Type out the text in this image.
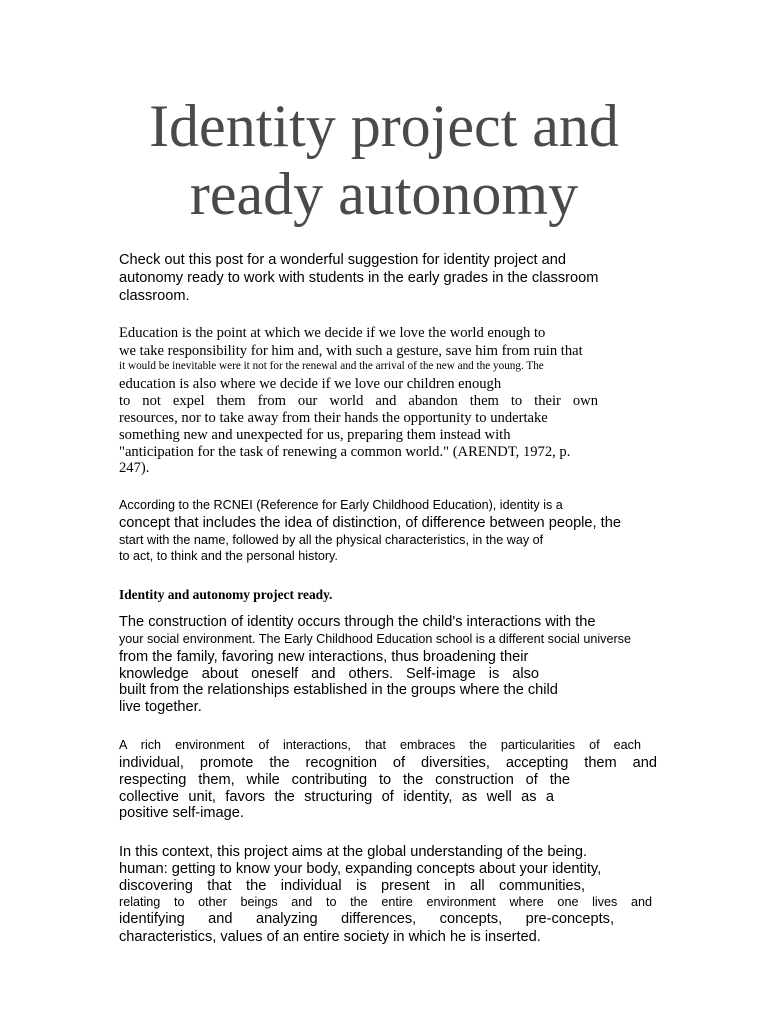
Identity project and
ready autonomy
Check out this post for a wonderful suggestion for identity project and
autonomy ready to work with students in the early grades in the classroom
classroom.
Education is the point at which we decide if we love the world enough to
we take responsibility for him and, with such a gesture, save him from ruin that
it would be inevitable were it not for the renewal and the arrival of the new and the young. The
education is also where we decide if we love our children enough
to not expel them from our world and abandon them to their own
resources, nor to take away from their hands the opportunity to undertake
something new and unexpected for us, preparing them instead with
"anticipation for the task of renewing a common world." (ARENDT, 1972, p.
247).
According to the RCNEI (Reference for Early Childhood Education), identity is a
concept that includes the idea of distinction, of difference between people, the
start with the name, followed by all the physical characteristics, in the way of
to act, to think and the personal history.
Identity and autonomy project ready.
The construction of identity occurs through the child's interactions with the
your social environment. The Early Childhood Education school is a different social universe
from the family, favoring new interactions, thus broadening their
knowledge about oneself and others. Self-image is also
built from the relationships established in the groups where the child
live together.
A rich environment of interactions, that embraces the particularities of each
individual, promote the recognition of diversities, accepting them and
respecting them, while contributing to the construction of the
collective unit, favors the structuring of identity, as well as a
positive self-image.
In this context, this project aims at the global understanding of the being.
human: getting to know your body, expanding concepts about your identity,
discovering that the individual is present in all communities,
relating to other beings and to the entire environment where one lives and
identifying and analyzing differences, concepts, pre-concepts,
characteristics, values of an entire society in which he is inserted.
